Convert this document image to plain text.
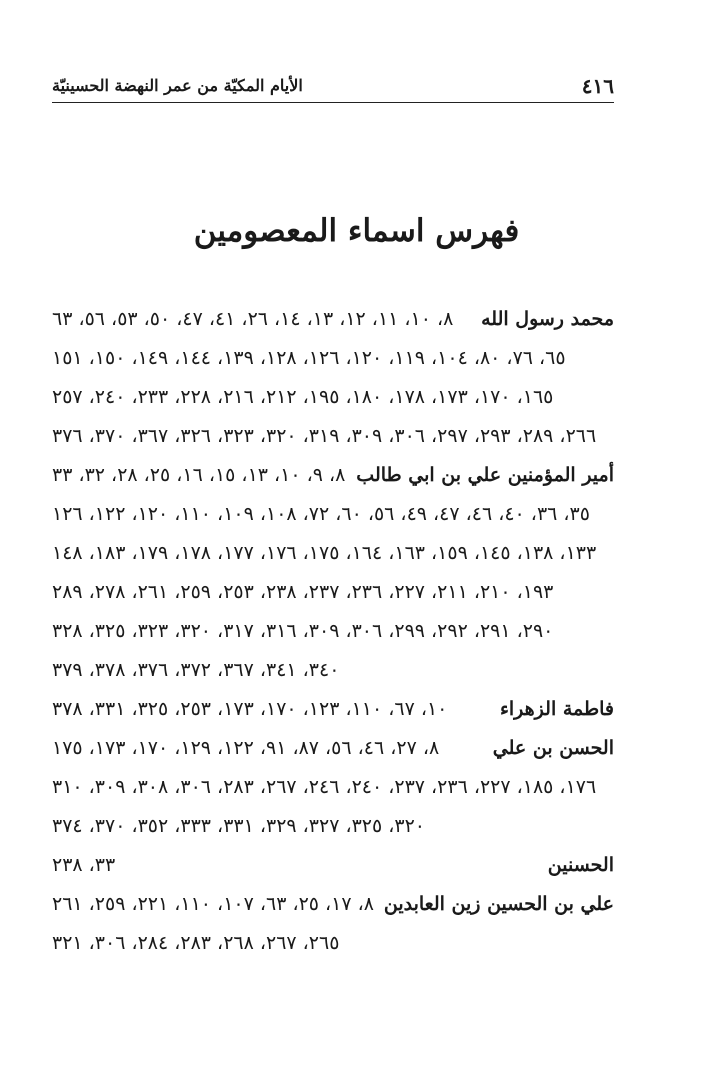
٤١٦
الأيام المكيّة من عمر النهضة الحسينيّة
فهرس اسماء المعصومين
محمد رسول الله
٨، ١٠، ١١، ١٢، ١٣، ١٤، ٢٦، ٤١، ٤٧، ٥٠، ٥٣، ٥٦، ٦٣
٦٥، ٧٦، ٨٠، ١٠٤، ١١٩، ١٢٠، ١٢٦، ١٢٨، ١٣٩، ١٤٤، ١٤٩، ١٥٠، ١٥١
١٦٥، ١٧٠، ١٧٣، ١٧٨، ١٨٠، ١٩٥، ٢١٢، ٢١٦، ٢٢٨، ٢٣٣، ٢٤٠، ٢٥٧
٢٦٦، ٢٨٩، ٢٩٣، ٢٩٧، ٣٠٦، ٣٠٩، ٣١٩، ٣٢٠، ٣٢٣، ٣٢٦، ٣٦٧، ٣٧٠، ٣٧٦
أمير المؤمنين علي بن ابي طالب
٨، ٩، ١٠، ١٣، ١٥، ١٦، ٢٥، ٢٨، ٣٢، ٣٣
٣٥، ٣٦، ٤٠، ٤٦، ٤٧، ٤٩، ٥٦، ٦٠، ٧٢، ١٠٨، ١٠٩، ١١٠، ١٢٠، ١٢٢، ١٢٦
١٣٣، ١٣٨، ١٤٥، ١٥٩، ١٦٣، ١٦٤، ١٧٥، ١٧٦، ١٧٧، ١٧٨، ١٧٩، ١٨٣، ١٤٨
١٩٣، ٢١٠، ٢١١، ٢٢٧، ٢٣٦، ٢٣٧، ٢٣٨، ٢٥٣، ٢٥٩، ٢٦١، ٢٧٨، ٢٨٩
٢٩٠، ٢٩١، ٢٩٢، ٢٩٩، ٣٠٦، ٣٠٩، ٣١٦، ٣١٧، ٣٢٠، ٣٢٣، ٣٢٥، ٣٢٨
٣٤٠، ٣٤١، ٣٦٧، ٣٧٢، ٣٧٦، ٣٧٨، ٣٧٩
فاطمة الزهراء
١٠، ٦٧، ١١٠، ١٢٣، ١٧٠، ١٧٣، ٢٥٣، ٣٢٥، ٣٣١، ٣٧٨
الحسن بن علي
٨، ٢٧، ٤٦، ٥٦، ٨٧، ٩١، ١٢٢، ١٢٩، ١٧٠، ١٧٣، ١٧٥
١٧٦، ١٨٥، ٢٢٧، ٢٣٦، ٢٣٧، ٢٤٠، ٢٤٦، ٢٦٧، ٢٨٣، ٣٠٦، ٣٠٨، ٣٠٩، ٣١٠
٣٢٠، ٣٢٥، ٣٢٧، ٣٢٩، ٣٣١، ٣٣٣، ٣٥٢، ٣٧٠، ٣٧٤
الحسنين
٣٣، ٢٣٨
علي بن الحسين زين العابدين
٨، ١٧، ٢٥، ٦٣، ١٠٧، ١١٠، ٢٢١، ٢٥٩، ٢٦١
٢٦٥، ٢٦٧، ٢٦٨، ٢٨٣، ٢٨٤، ٣٠٦، ٣٢١
